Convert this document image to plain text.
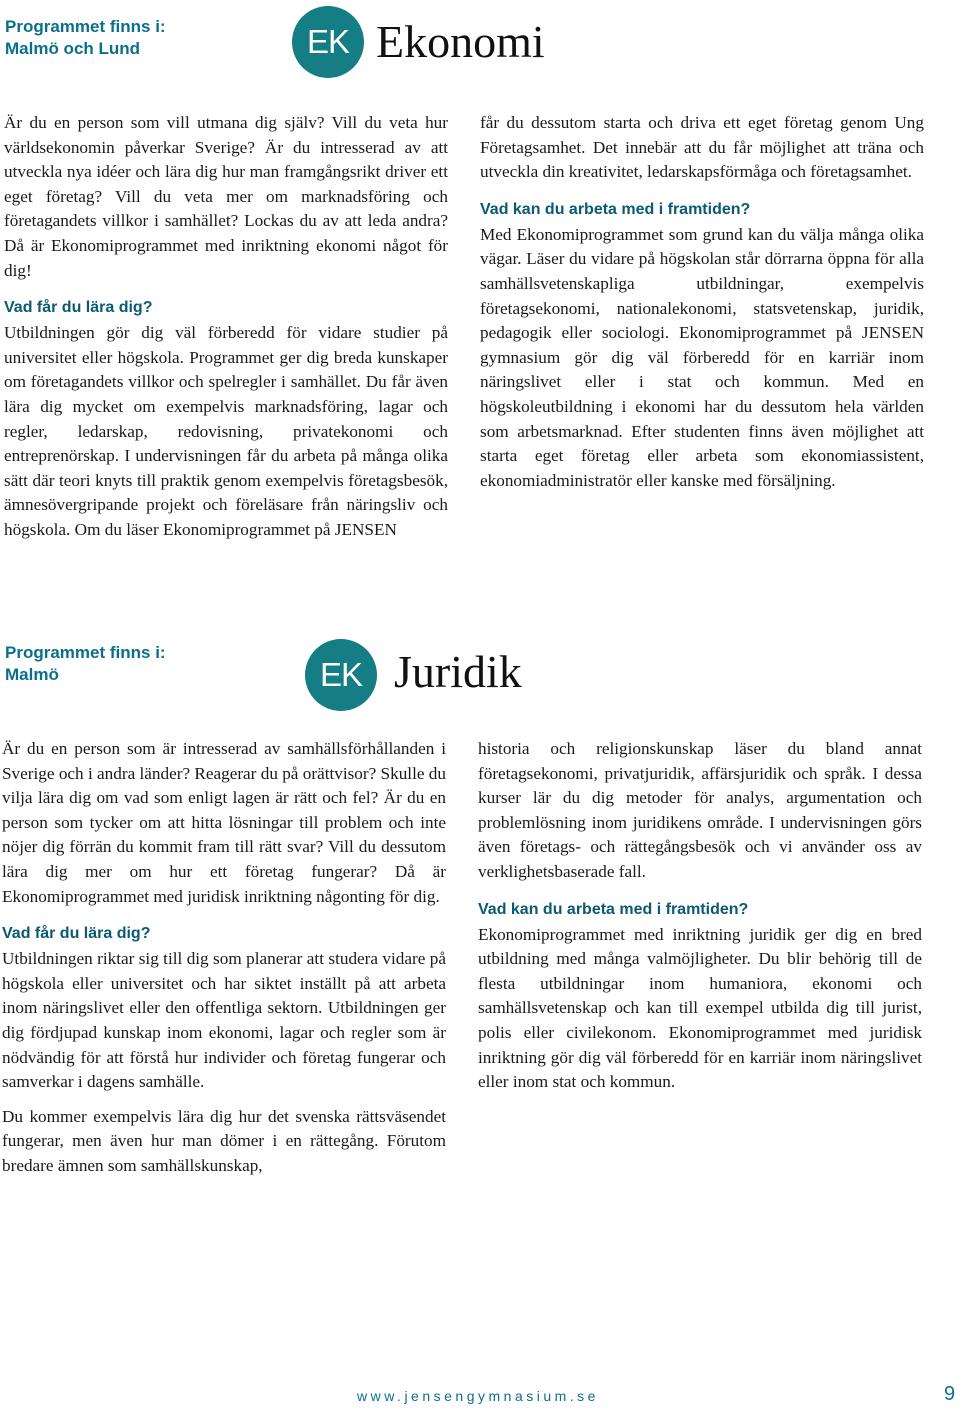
Programmet finns i:
Malmö och Lund	EK Ekonomi

Är du en person som vill utmana dig själv? Vill du veta hur världsekonomin påverkar Sverige? Är du intresserad av att utveckla nya idéer och lära dig hur man framgångsrikt driver ett eget företag? Vill du veta mer om marknadsföring och företagandets villkor i samhället? Lockas du av att leda andra? Då är Ekonomiprogrammet med inriktning ekonomi något för dig!

Vad får du lära dig?

Utbildningen gör dig väl förberedd för vidare studier på universitet eller högskola. Programmet ger dig breda kunskaper om företagandets villkor och spelregler i samhället. Du får även lära dig mycket om exempelvis marknadsföring, lagar och regler, ledarskap, redovisning, privatekonomi och entreprenörskap. I undervisningen får du arbeta på många olika sätt där teori knyts till praktik genom exempelvis företagsbesök, ämnesövergripande projekt och föreläsare från näringsliv och högskola. Om du läser Ekonomiprogrammet på JENSEN

får du dessutom starta och driva ett eget företag genom Ung Företagsamhet. Det innebär att du får möjlighet att träna och utveckla din kreativitet, ledarskapsförmåga och företagsamhet.

Vad kan du arbeta med i framtiden?

Med Ekonomiprogrammet som grund kan du välja många olika vägar. Läser du vidare på högskolan står dörrarna öppna för alla samhällsvetenskapliga utbildningar, exempelvis företagsekonomi, nationalekonomi, statsvetenskap, juridik, pedagogik eller sociologi. Ekonomiprogrammet på JENSEN gymnasium gör dig väl förberedd för en karriär inom näringslivet eller i stat och kommun. Med en högskoleutbildning i ekonomi har du dessutom hela världen som arbetsmarknad. Efter studenten finns även möjlighet att starta eget företag eller arbeta som ekonomiassistent, ekonomiadministratör eller kanske med försäljning.

Programmet finns i:
Malmö	EK Juridik

Är du en person som är intresserad av samhällsförhållanden i Sverige och i andra länder? Reagerar du på orättvisor? Skulle du vilja lära dig om vad som enligt lagen är rätt och fel? Är du en person som tycker om att hitta lösningar till problem och inte nöjer dig förrän du kommit fram till rätt svar? Vill du dessutom lära dig mer om hur ett företag fungerar? Då är Ekonomiprogrammet med juridisk inriktning någonting för dig.

Vad får du lära dig?

Utbildningen riktar sig till dig som planerar att studera vidare på högskola eller universitet och har siktet inställt på att arbeta inom näringslivet eller den offentliga sektorn. Utbildningen ger dig fördjupad kunskap inom ekonomi, lagar och regler som är nödvändig för att förstå hur individer och företag fungerar och samverkar i dagens samhälle.

Du kommer exempelvis lära dig hur det svenska rättsväsendet fungerar, men även hur man dömer i en rättegång. Förutom bredare ämnen som samhällskunskap,

historia och religionskunskap läser du bland annat företagsekonomi, privatjuridik, affärsjuridik och språk. I dessa kurser lär du dig metoder för analys, argumentation och problemlösning inom juridikens område. I undervisningen görs även företags- och rättegångsbesök och vi använder oss av verklighetsbaserade fall.

Vad kan du arbeta med i framtiden?

Ekonomiprogrammet med inriktning juridik ger dig en bred utbildning med många valmöjligheter. Du blir behörig till de flesta utbildningar inom humaniora, ekonomi och samhällsvetenskap och kan till exempel utbilda dig till jurist, polis eller civilekonom. Ekonomiprogrammet med juridisk inriktning gör dig väl förberedd för en karriär inom näringslivet eller inom stat och kommun.

www.jensengymnasium.se	9
